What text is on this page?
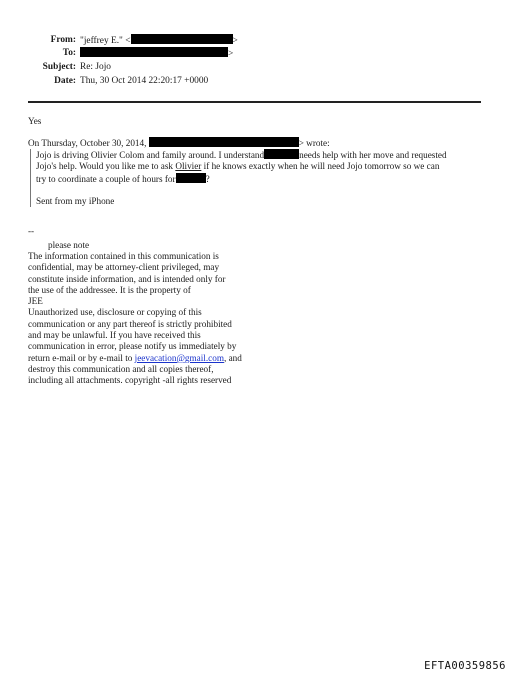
From: "jeffrey E." <	>
To:	>
Subject: Re: Jojo
Date: Thu, 30 Oct 2014 22:20:17 +0000
Yes
On Thursday, October 30, 2014,	> wrote:
Jojo is driving Olivier Colom and family around. I understand	needs help with her move and requested
Jojo's help. Would you like me to ask Olivier if he knows exactly when he will need Jojo tomorrow so we can
try to coordinate a couple of hours for	?
Sent from my iPhone
--
please note
The information contained in this communication is
confidential, may be attorney-client privileged, may
constitute inside information, and is intended only for
the use of the addressee. It is the property of
JEE
Unauthorized use, disclosure or copying of this
communication or any part thereof is strictly prohibited
and may be unlawful. If you have received this
communication in error, please notify us immediately by
return e-mail or by e-mail to jeevacation@gmail.com, and
destroy this communication and all copies thereof,
including all attachments. copyright -all rights reserved
EFTA00359856
